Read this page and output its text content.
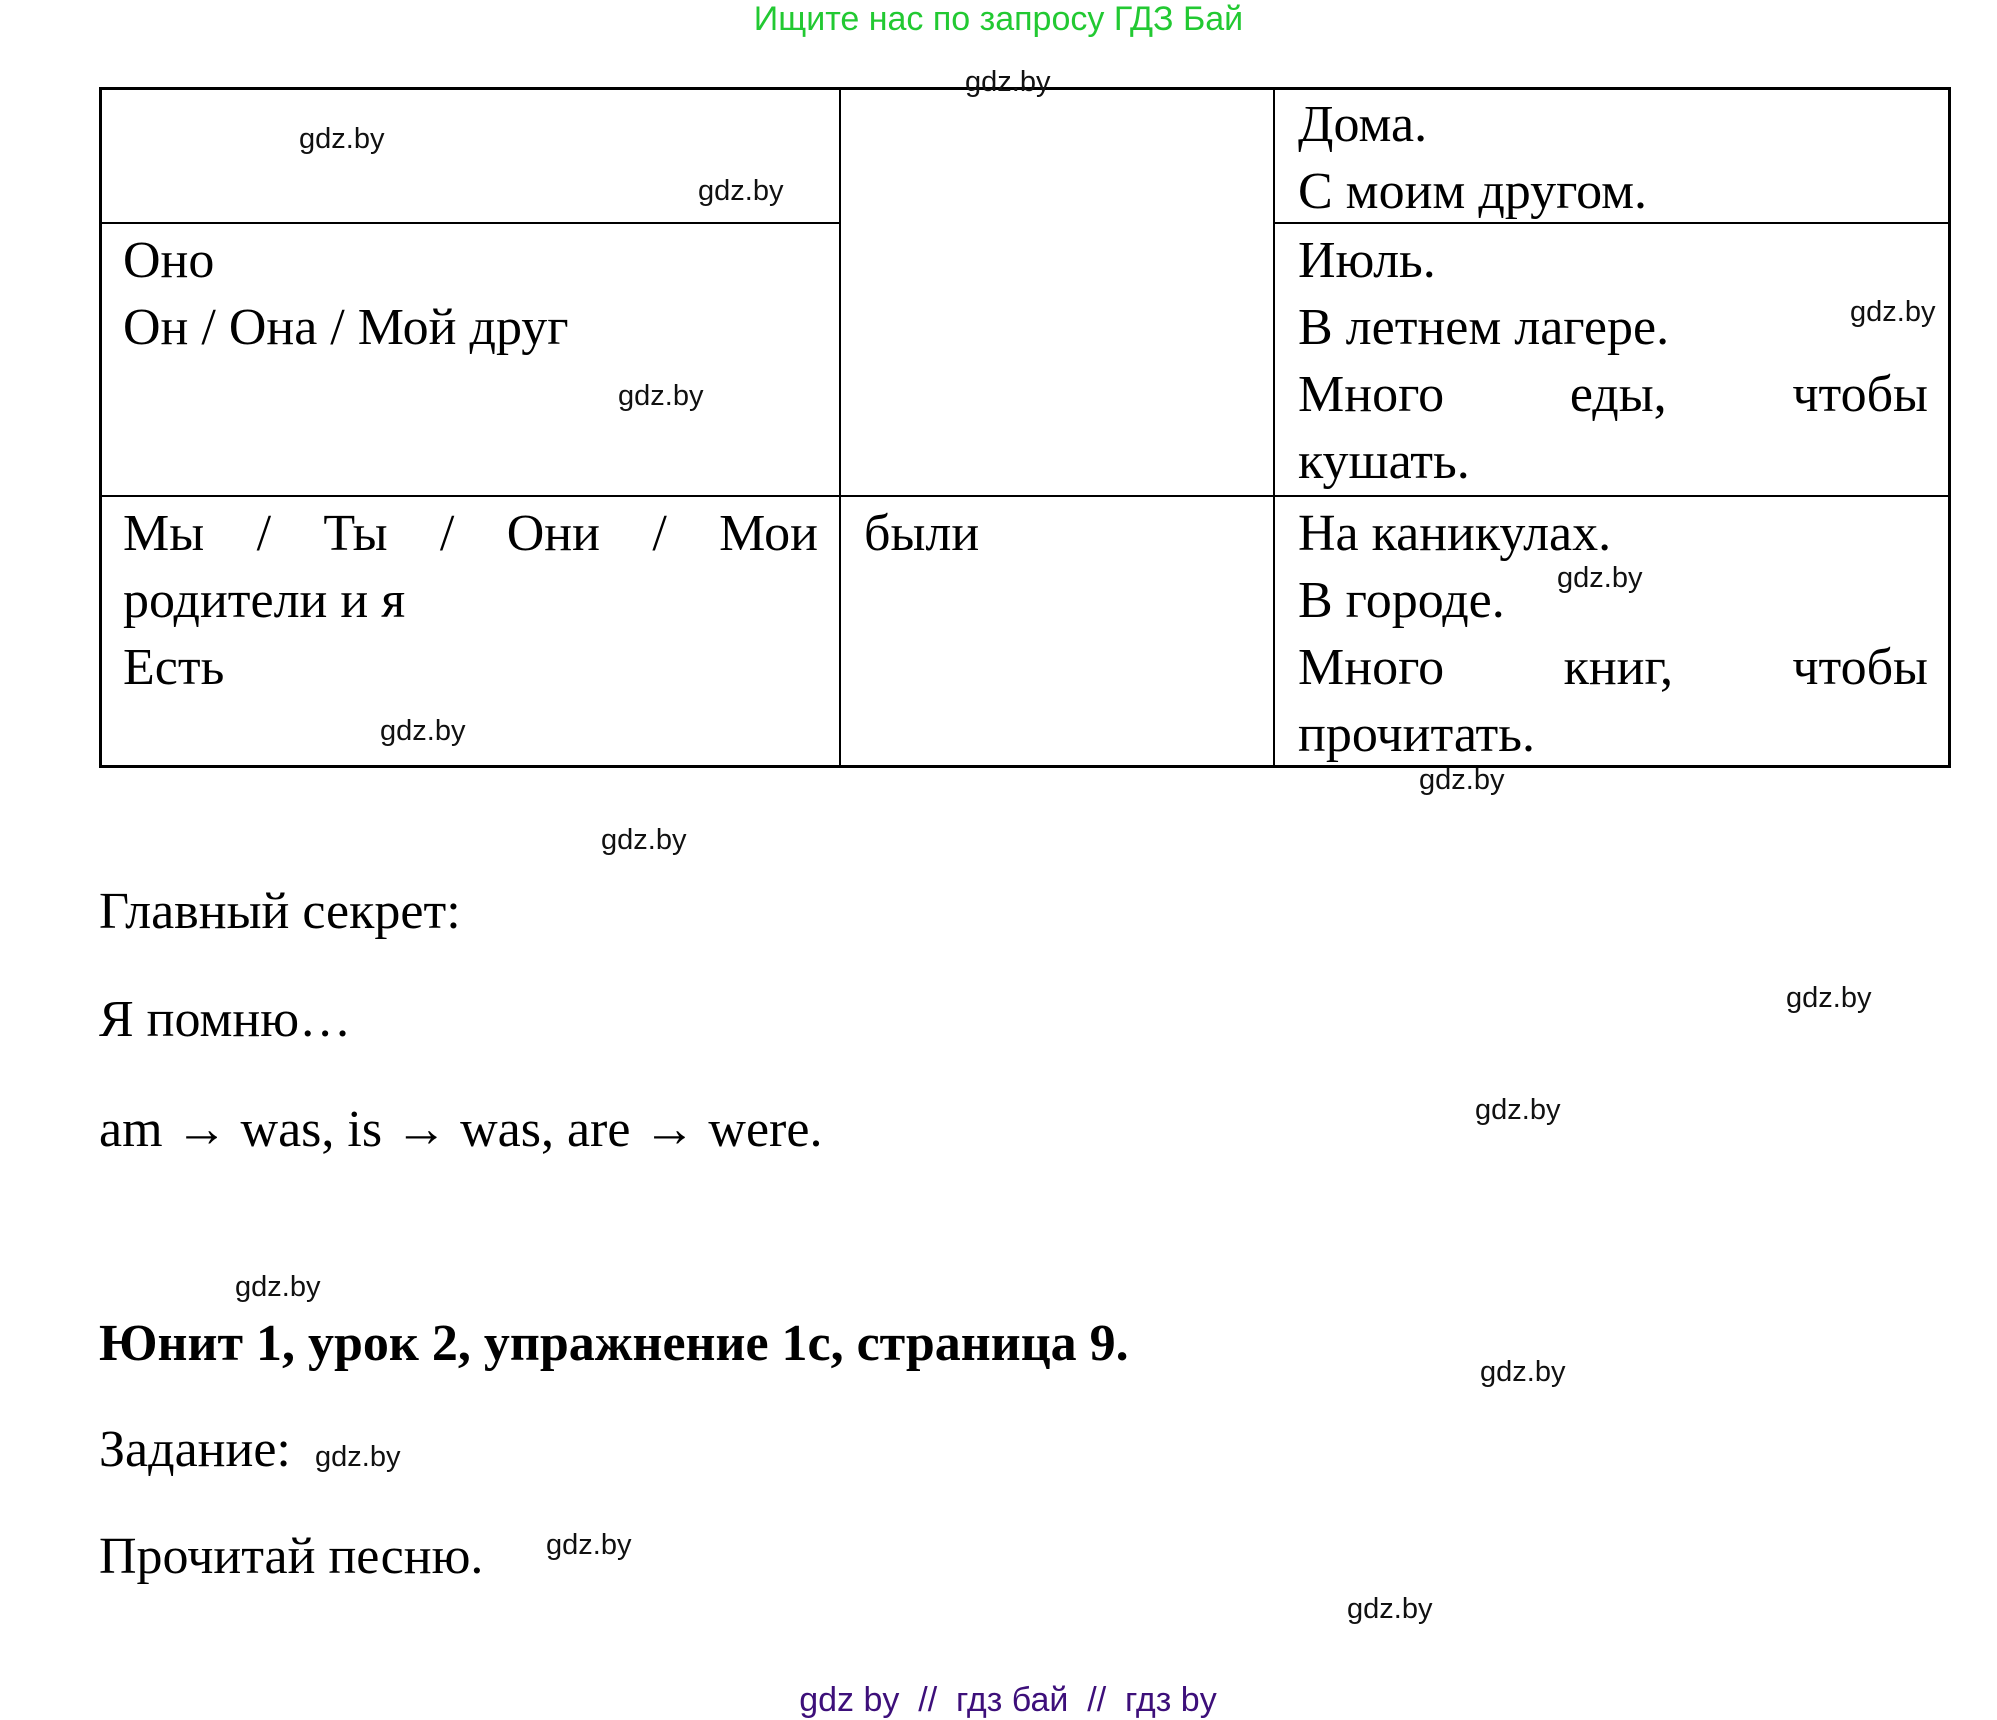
Ищите нас по запросу ГДЗ Бай
Дома.
С моим другом.
Оно
Он / Она / Мой друг
Июль.
В летнем лагере.
Много еды, чтобы
кушать.
Мы / Ты / Они / Мои
родители и я
Есть
были	На каникулах.
В городе.
Много книг, чтобы
прочитать.
Главный секрет:
Я помню…
am → was, is → was, are → were.
Юнит 1, урок 2, упражнение 1c, страница 9.
Задание:
Прочитай песню.
gdz.by
gdz.by
gdz.by
gdz.by
gdz.by
gdz.by
gdz.by
gdz.by
gdz.by
gdz.by
gdz.by
gdz.by
gdz.by
gdz.by
gdz.by
gdz.by

gdz by  //  гдз бай  //  гдз by
